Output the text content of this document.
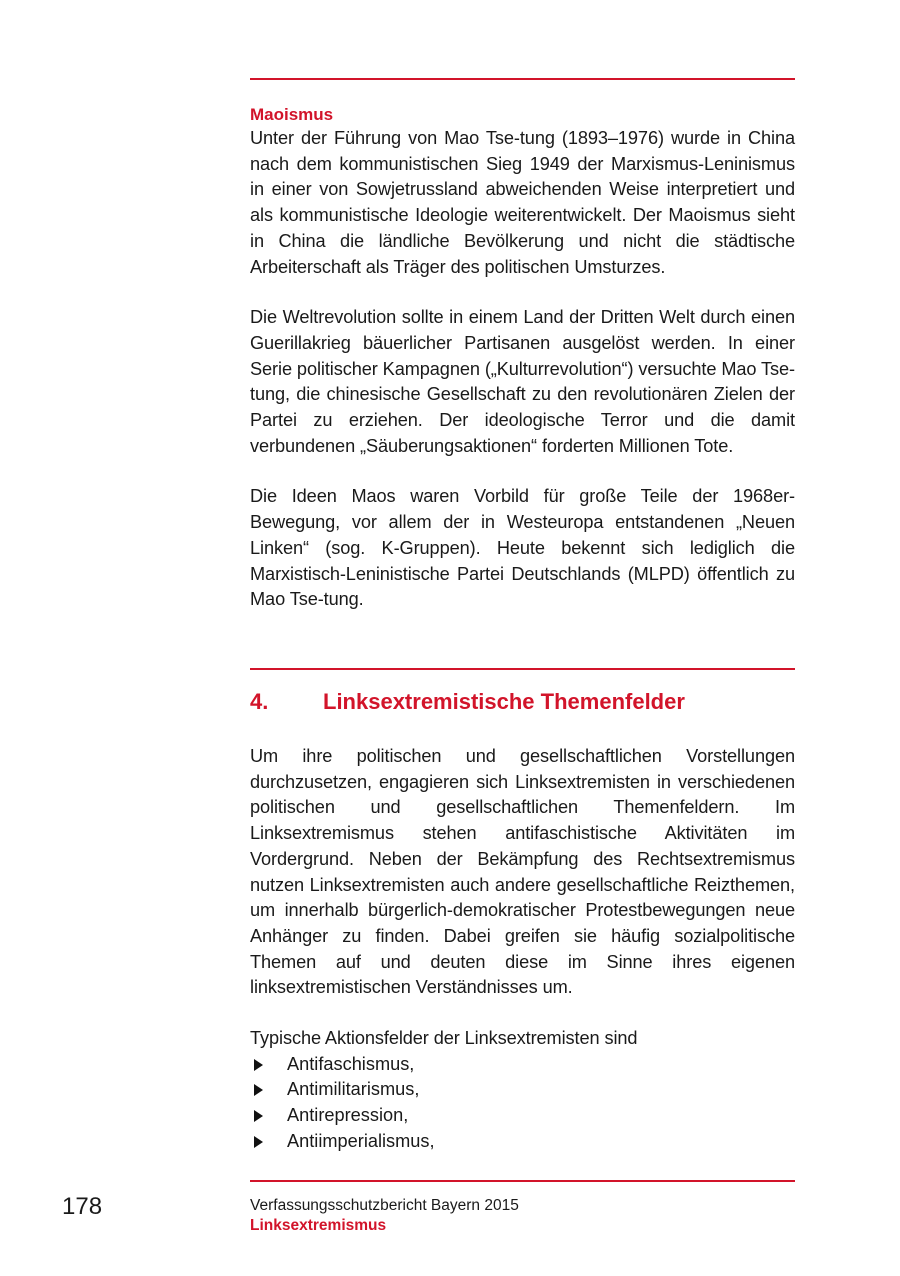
Maoismus

Unter der Führung von Mao Tse-tung (1893–1976) wurde in China nach dem kommunistischen Sieg 1949 der Marxismus-Leninismus in einer von Sowjetrussland abweichenden Weise interpretiert und als kommunistische Ideologie weiterentwickelt. Der Maoismus sieht in China die ländliche Bevölkerung und nicht die städtische Arbeiterschaft als Träger des politischen Umsturzes.

Die Weltrevolution sollte in einem Land der Dritten Welt durch einen Guerillakrieg bäuerlicher Partisanen ausgelöst werden. In einer Serie politischer Kampagnen („Kulturrevolution“) versuchte Mao Tse-tung, die chinesische Gesellschaft zu den revolutionären Zielen der Partei zu erziehen. Der ideologische Terror und die damit verbundenen „Säuberungsaktionen“ forderten Millionen Tote.

Die Ideen Maos waren Vorbild für große Teile der 1968er-Bewegung, vor allem der in Westeuropa entstandenen „Neuen Linken“ (sog. K-Gruppen). Heute bekennt sich lediglich die Marxistisch-Leninistische Partei Deutschlands (MLPD) öffentlich zu Mao Tse-tung.

4.	Linksextremistische Themenfelder

Um ihre politischen und gesellschaftlichen Vorstellungen durchzusetzen, engagieren sich Linksextremisten in verschiedenen politischen und gesellschaftlichen Themenfeldern. Im Linksextremismus stehen antifaschistische Aktivitäten im Vordergrund. Neben der Bekämpfung des Rechtsextremismus nutzen Linksextremisten auch andere gesellschaftliche Reizthemen, um innerhalb bürgerlich-demokratischer Protestbewegungen neue Anhänger zu finden. Dabei greifen sie häufig sozialpolitische Themen auf und deuten diese im Sinne ihres eigenen linksextremistischen Verständnisses um.

Typische Aktionsfelder der Linksextremisten sind

Antifaschismus,
Antimilitarismus,
Antirepression,
Antiimperialismus,
178	Verfassungsschutzbericht Bayern 2015
Linksextremismus
